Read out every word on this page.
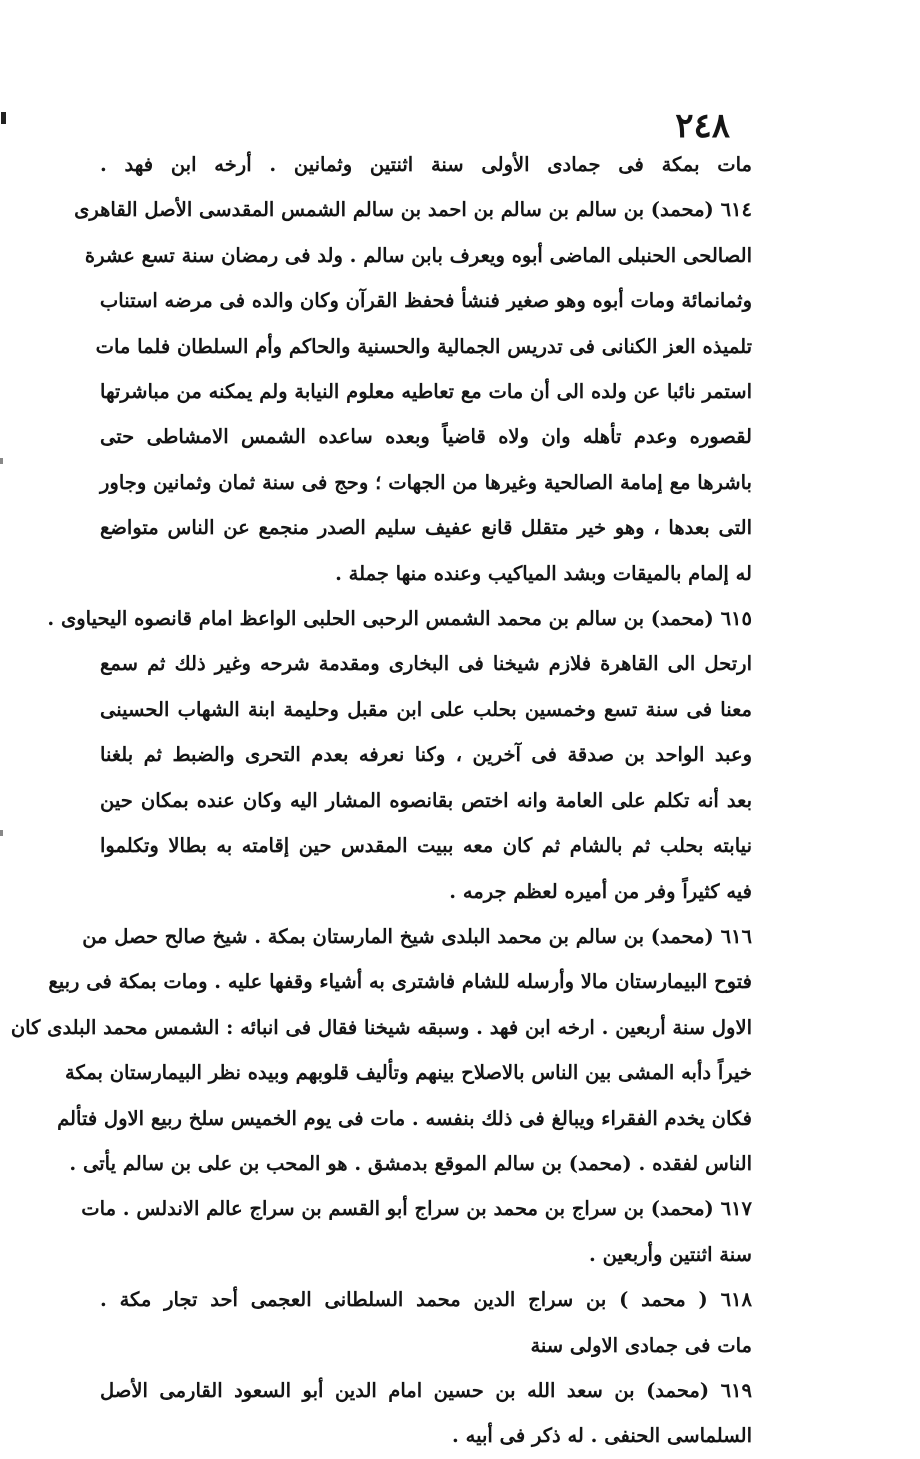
٢٤٨
مات بمكة فى جمادى الأولى سنة اثنتين وثمانين . أرخه ابن فهد .
٦١٤ (محمد) بن سالم بن سالم بن احمد بن سالم الشمس المقدسى الأصل القاهرى
الصالحى الحنبلى الماضى أبوه ويعرف بابن سالم . ولد فى رمضان سنة تسع عشرة
وثمانمائة ومات أبوه وهو صغير فنشأ فحفظ القرآن وكان والده فى مرضه استناب
تلميذه العز الكنانى فى تدريس الجمالية والحسنية والحاكم وأم السلطان فلما مات
استمر نائبا عن ولده الى أن مات مع تعاطيه معلوم النيابة ولم يمكنه من مباشرتها
لقصوره وعدم تأهله وان ولاه قاضياً وبعده ساعده الشمس الامشاطى حتى
باشرها مع إمامة الصالحية وغيرها من الجهات ؛ وحج فى سنة ثمان وثمانين وجاور
التى بعدها ، وهو خير متقلل قانع عفيف سليم الصدر منجمع عن الناس متواضع
له إلمام بالميقات وبشد المياكيب وعنده منها جملة .
٦١٥ (محمد) بن سالم بن محمد الشمس الرحبى الحلبى الواعظ امام قانصوه اليحياوى .
ارتحل الى القاهرة فلازم شيخنا فى البخارى ومقدمة شرحه وغير ذلك ثم سمع
معنا فى سنة تسع وخمسين بحلب على ابن مقبل وحليمة ابنة الشهاب الحسينى
وعبد الواحد بن صدقة فى آخرين ، وكنا نعرفه بعدم التحرى والضبط ثم بلغنا
بعد أنه تكلم على العامة وانه اختص بقانصوه المشار اليه وكان عنده بمكان حين
نيابته بحلب ثم بالشام ثم كان معه ببيت المقدس حين إقامته به بطالا وتكلموا
فيه كثيراً وفر من أميره لعظم جرمه .
٦١٦ (محمد) بن سالم بن محمد البلدى شيخ المارستان بمكة . شيخ صالح حصل من
فتوح البيمارستان مالا وأرسله للشام فاشترى به أشياء وقفها عليه . ومات بمكة فى ربيع
الاول سنة أربعين . ارخه ابن فهد . وسبقه شيخنا فقال فى انبائه : الشمس محمد البلدى كان
خيراً دأبه المشى بين الناس بالاصلاح بينهم وتأليف قلوبهم وبيده نظر البيمارستان بمكة
فكان يخدم الفقراء ويبالغ فى ذلك بنفسه . مات فى يوم الخميس سلخ ربيع الاول فتألم
الناس لفقده . (محمد) بن سالم الموقع بدمشق . هو المحب بن على بن سالم يأتى .
٦١٧ (محمد) بن سراج بن محمد بن سراج أبو القسم بن سراج عالم الاندلس . مات
سنة اثنتين وأربعين .
٦١٨ ( محمد ) بن سراج الدين محمد السلطانى العجمى أحد تجار مكة .
مات فى جمادى الاولى سنة
٦١٩ (محمد) بن سعد الله بن حسين امام الدين أبو السعود القارمى الأصل
السلماسى الحنفى . له ذكر فى أبيه .
